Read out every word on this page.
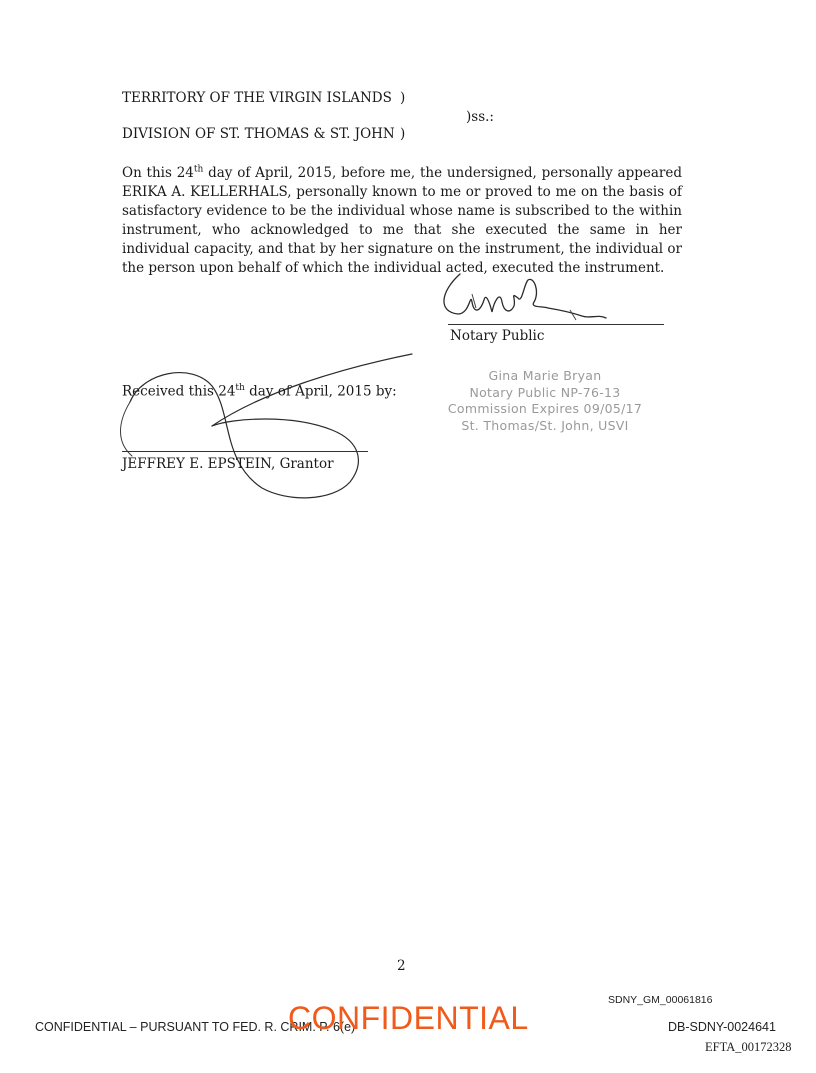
TERRITORY OF THE VIRGIN ISLANDS )
)ss.:
DIVISION OF ST. THOMAS & ST. JOHN )
On this 24th day of April, 2015, before me, the undersigned, personally appeared ERIKA A. KELLERHALS, personally known to me or proved to me on the basis of satisfactory evidence to be the individual whose name is subscribed to the within instrument, who acknowledged to me that she executed the same in her individual capacity, and that by her signature on the instrument, the individual or the person upon behalf of which the individual acted, executed the instrument.
Notary Public
Gina Marie Bryan
Notary Public NP-76-13
Commission Expires 09/05/17
St. Thomas/St. John, USVI
Received this 24th day of April, 2015 by:
JEFFREY E. EPSTEIN, Grantor
2
SDNY_GM_00061816
CONFIDENTIAL – PURSUANT TO FED. R. CRIM. P. 6(e)
CONFIDENTIAL	DB-SDNY-0024641
EFTA_00172328
